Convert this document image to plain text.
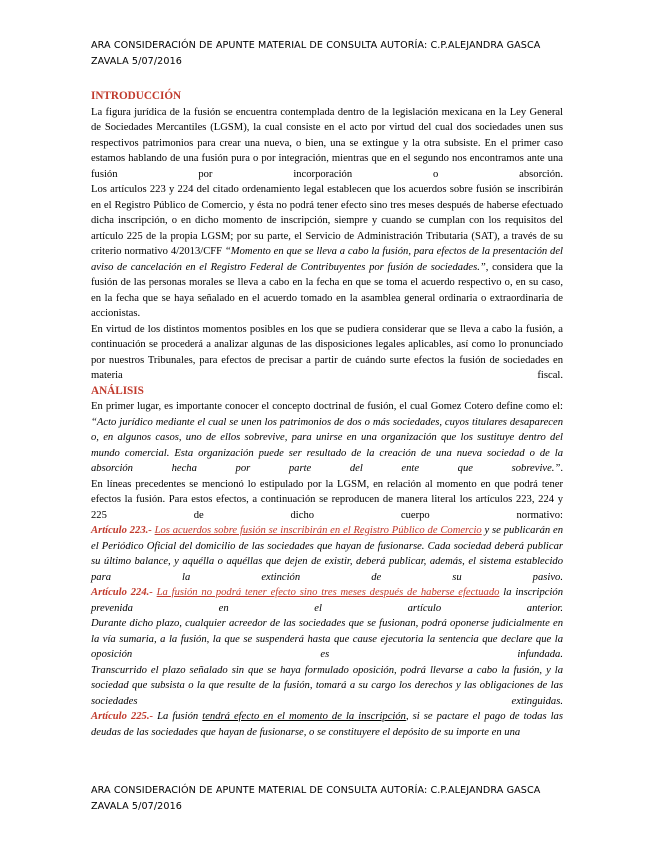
ARA CONSIDERACIÓN DE APUNTE MATERIAL DE CONSULTA AUTORÍA: C.P.ALEJANDRA GASCA ZAVALA 5/07/2016
INTRODUCCIÓN

La figura jurídica de la fusión se encuentra contemplada dentro de la legislación mexicana en la Ley General de Sociedades Mercantiles (LGSM), la cual consiste en el acto por virtud del cual dos sociedades unen sus respectivos patrimonios para crear una nueva, o bien, una se extingue y la otra subsiste. En el primer caso estamos hablando de una fusión pura o por integración, mientras que en el segundo nos encontramos ante una fusión por incorporación o absorción.

Los artículos 223 y 224 del citado ordenamiento legal establecen que los acuerdos sobre fusión se inscribirán en el Registro Público de Comercio, y ésta no podrá tener efecto sino tres meses después de haberse efectuado dicha inscripción, o en dicho momento de inscripción, siempre y cuando se cumplan con los requisitos del artículo 225 de la propia LGSM; por su parte, el Servicio de Administración Tributaria (SAT), a través de su criterio normativo 4/2013/CFF “Momento en que se lleva a cabo la fusión, para efectos de la presentación del aviso de cancelación en el Registro Federal de Contribuyentes por fusión de sociedades.”, considera que la fusión de las personas morales se lleva a cabo en la fecha en que se toma el acuerdo respectivo o, en su caso, en la fecha que se haya señalado en el acuerdo tomado en la asamblea general ordinaria o extraordinaria de accionistas.

En virtud de los distintos momentos posibles en los que se pudiera considerar que se lleva a cabo la fusión, a continuación se procederá a analizar algunas de las disposiciones legales aplicables, así como lo pronunciado por nuestros Tribunales, para efectos de precisar a partir de cuándo surte efectos la fusión de sociedades en materia fiscal.

ANÁLISIS

En primer lugar, es importante conocer el concepto doctrinal de fusión, el cual Gomez Cotero define como el: “Acto jurídico mediante el cual se unen los patrimonios de dos o más sociedades, cuyos titulares desaparecen o, en algunos casos, uno de ellos sobrevive, para unirse en una organización que los sustituye dentro del mundo comercial. Esta organización puede ser resultado de la creación de una nueva sociedad o de la absorción hecha por parte del ente que sobrevive.”.

En líneas precedentes se mencionó lo estipulado por la LGSM, en relación al momento en que podrá tener efectos la fusión. Para estos efectos, a continuación se reproducen de manera literal los artículos 223, 224 y 225 de dicho cuerpo normativo:

Artículo 223.- Los acuerdos sobre fusión se inscribirán en el Registro Público de Comercio y se publicarán en el Periódico Oficial del domicilio de las sociedades que hayan de fusionarse. Cada sociedad deberá publicar su último balance, y aquélla o aquéllas que dejen de existir, deberá publicar, además, el sistema establecido para la extinción de su pasivo.

Artículo 224.- La fusión no podrá tener efecto sino tres meses después de haberse efectuado la inscripción prevenida en el artículo anterior.

Durante dicho plazo, cualquier acreedor de las sociedades que se fusionan, podrá oponerse judicialmente en la vía sumaria, a la fusión, la que se suspenderá hasta que cause ejecutoria la sentencia que declare que la oposición es infundada.

Transcurrido el plazo señalado sin que se haya formulado oposición, podrá llevarse a cabo la fusión, y la sociedad que subsista o la que resulte de la fusión, tomará a su cargo los derechos y las obligaciones de las sociedades extinguidas.

Artículo 225.- La fusión tendrá efecto en el momento de la inscripción, si se pactare el pago de todas las deudas de las sociedades que hayan de fusionarse, o se constituyere el depósito de su importe en una

ARA CONSIDERACIÓN DE APUNTE MATERIAL DE CONSULTA AUTORÍA: C.P.ALEJANDRA GASCA ZAVALA 5/07/2016
